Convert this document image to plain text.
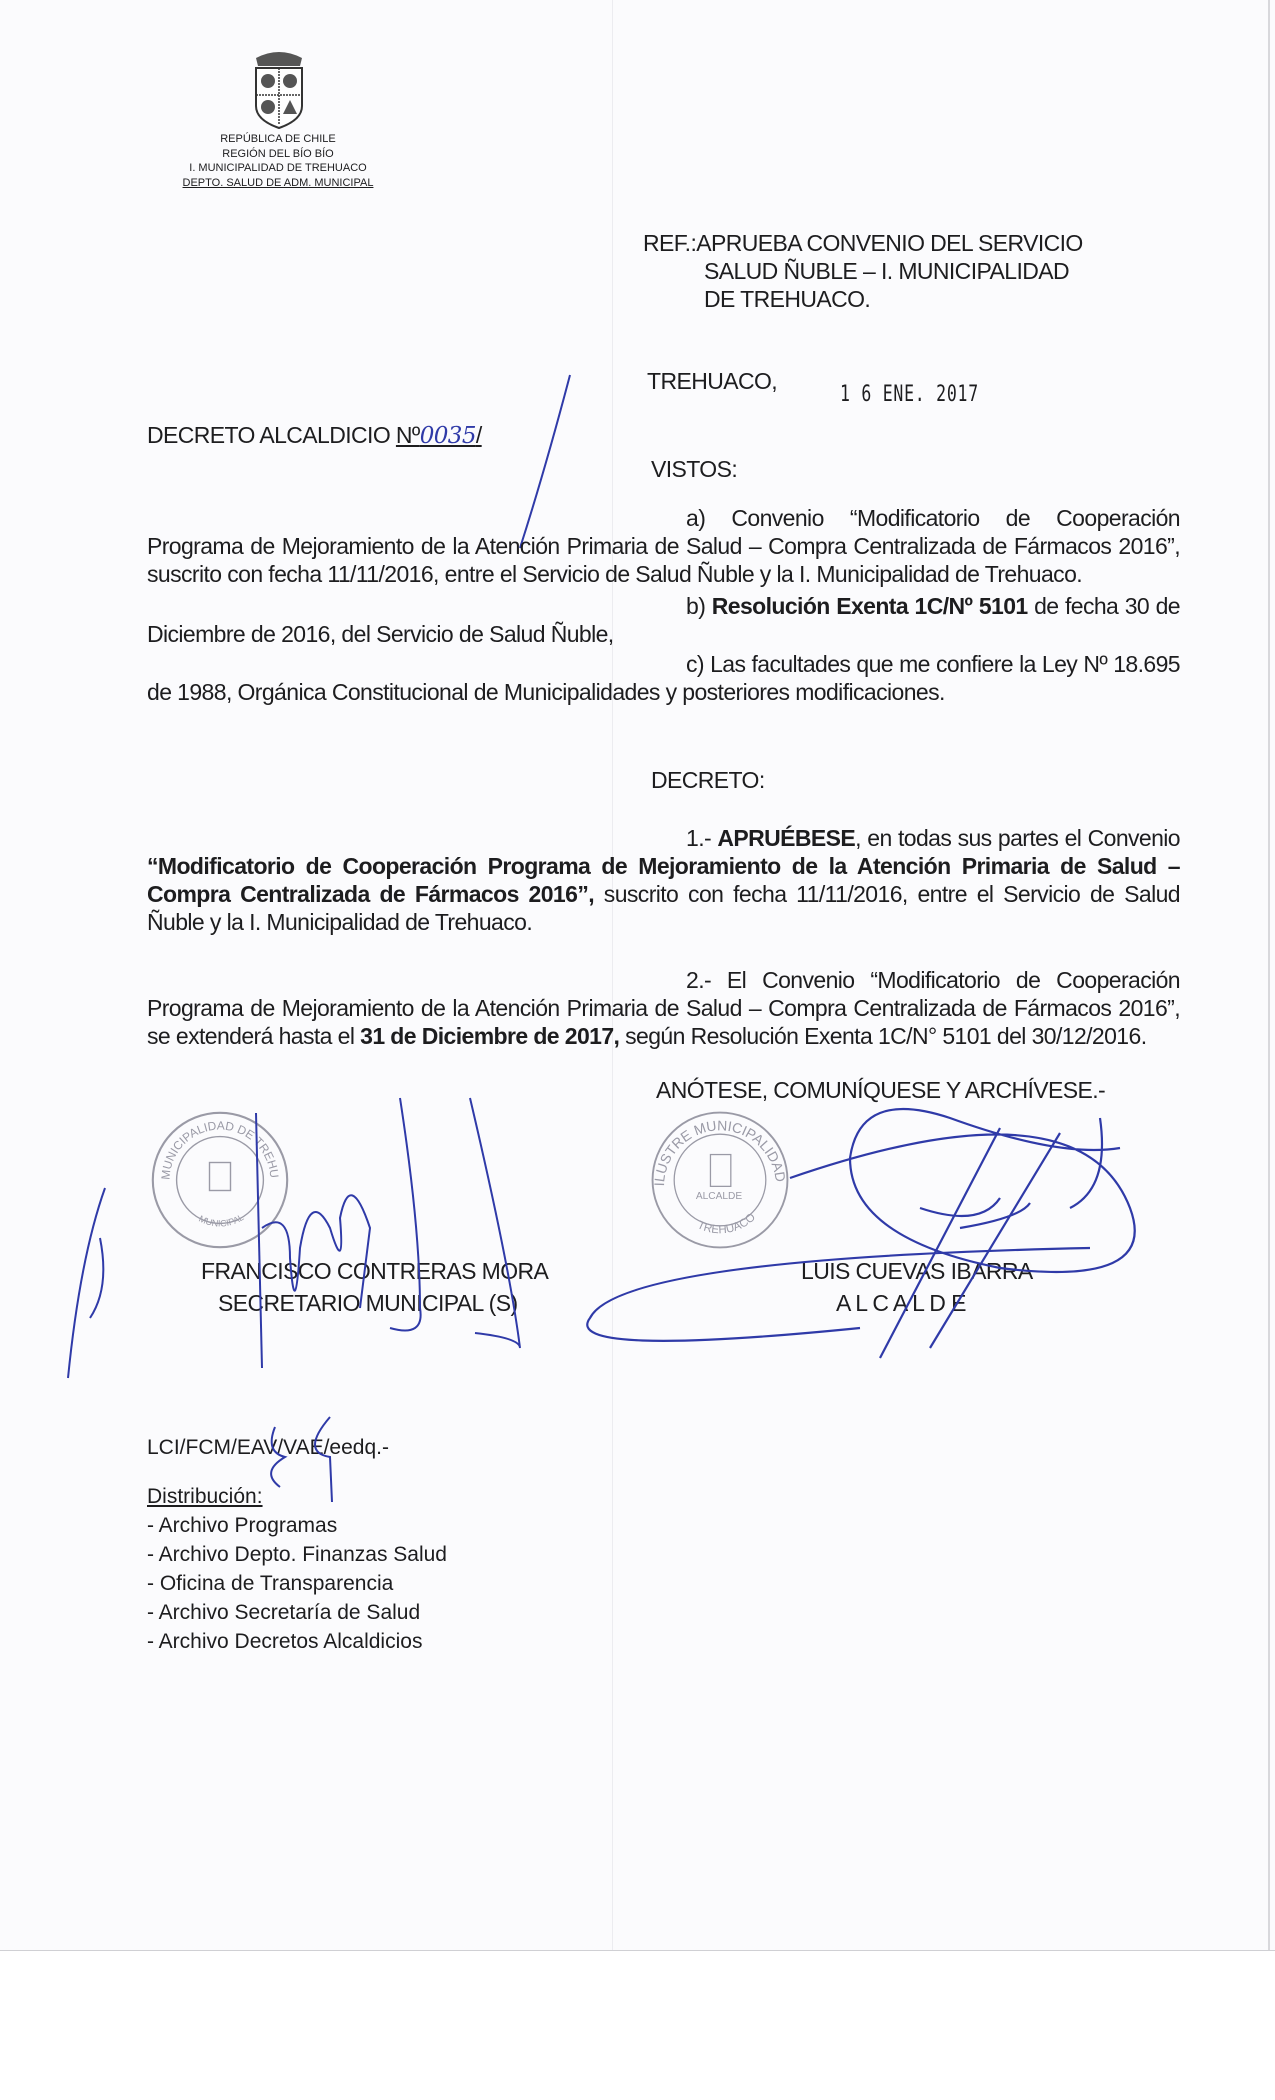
REPÚBLICA DE CHILE
REGIÓN DEL BÍO BÍO
I. MUNICIPALIDAD DE TREHUACO
DEPTO. SALUD DE ADM. MUNICIPAL
REF.:APRUEBA CONVENIO DEL SERVICIO
SALUD ÑUBLE – I. MUNICIPALIDAD
DE TREHUACO.
TREHUACO,
1 6 ENE. 2017
DECRETO ALCALDICIO Nº0035/
VISTOS:

a) Convenio “Modificatorio de Cooperación Programa de Mejoramiento de la Atención Primaria de Salud – Compra Centralizada de Fármacos 2016”, suscrito con fecha 11/11/2016, entre el Servicio de Salud Ñuble y la I. Municipalidad de Trehuaco.

b) Resolución Exenta 1C/Nº 5101 de fecha 30 de Diciembre de 2016, del Servicio de Salud Ñuble,

c) Las facultades que me confiere la Ley Nº 18.695 de 1988, Orgánica Constitucional de Municipalidades y posteriores modificaciones.

DECRETO:

1.- APRUÉBESE, en todas sus partes el Convenio “Modificatorio de Cooperación Programa de Mejoramiento de la Atención Primaria de Salud – Compra Centralizada de Fármacos 2016”, suscrito con fecha 11/11/2016, entre el Servicio de Salud Ñuble y la I. Municipalidad de Trehuaco.

2.- El Convenio “Modificatorio de Cooperación Programa de Mejoramiento de la Atención Primaria de Salud – Compra Centralizada de Fármacos 2016”, se extenderá hasta el 31 de Diciembre de 2017, según Resolución Exenta 1C/N° 5101 del 30/12/2016.

ANÓTESE, COMUNÍQUESE Y ARCHÍVESE.-

MUNICIPALIDAD DE TREHUACO
MUNICIPAL
ILUSTRE MUNICIPALIDAD
ALCALDE
TREHUACO
FRANCISCO CONTRERAS MORA
SECRETARIO MUNICIPAL (S)
LUIS CUEVAS IBARRA
A L C A L D E
LCI/FCM/EAV/VAE/eedq.-
Distribución:
- Archivo Programas
- Archivo Depto. Finanzas Salud
- Oficina de Transparencia
- Archivo Secretaría de Salud
- Archivo Decretos Alcaldicios
